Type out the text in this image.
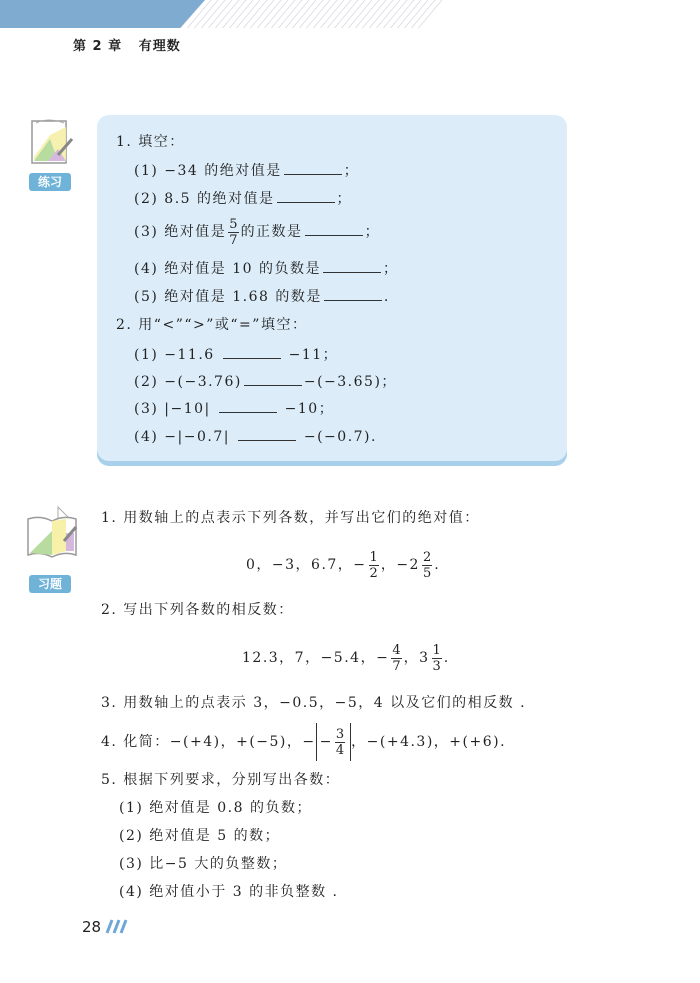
第 2 章 有理数
练习
1. 填空：
(1) −34 的绝对值是	；
(2) 8.5 的绝对值是	；
(3) 绝对值是 $\frac{5}{7}$ 的正数是	；
(4) 绝对值是 10 的负数是	；
(5) 绝对值是 1.68 的数是	.
2. 用“<”“>”或“=”填空：
(1) −11.6	−11；
(2) −(−3.76)	−(−3.65)；
(3) |−10|	−10；
(4) −|−0.7|	−(−0.7).
习题
1. 用数轴上的点表示下列各数，并写出它们的绝对值：
0，−3，6.7，− $\frac{1}{2}$ ，$-2 \frac{2}{5}$ .
2. 写出下列各数的相反数：
12.3，7，−5.4，− $\frac{4}{7}$ ，$3 \frac{1}{3}$ .
3. 用数轴上的点表示 3，−0.5，−5，4 以及它们的相反数 .
4. 化简：−(+4)，+(−5)，− − $\frac{3}{4}$ ，−(+4.3)，+(+6).
5. 根据下列要求，分别写出各数：
(1) 绝对值是 0.8 的负数；
(2) 绝对值是 5 的数；
(3) 比−5 大的负整数；
(4) 绝对值小于 3 的非负整数 .
28
